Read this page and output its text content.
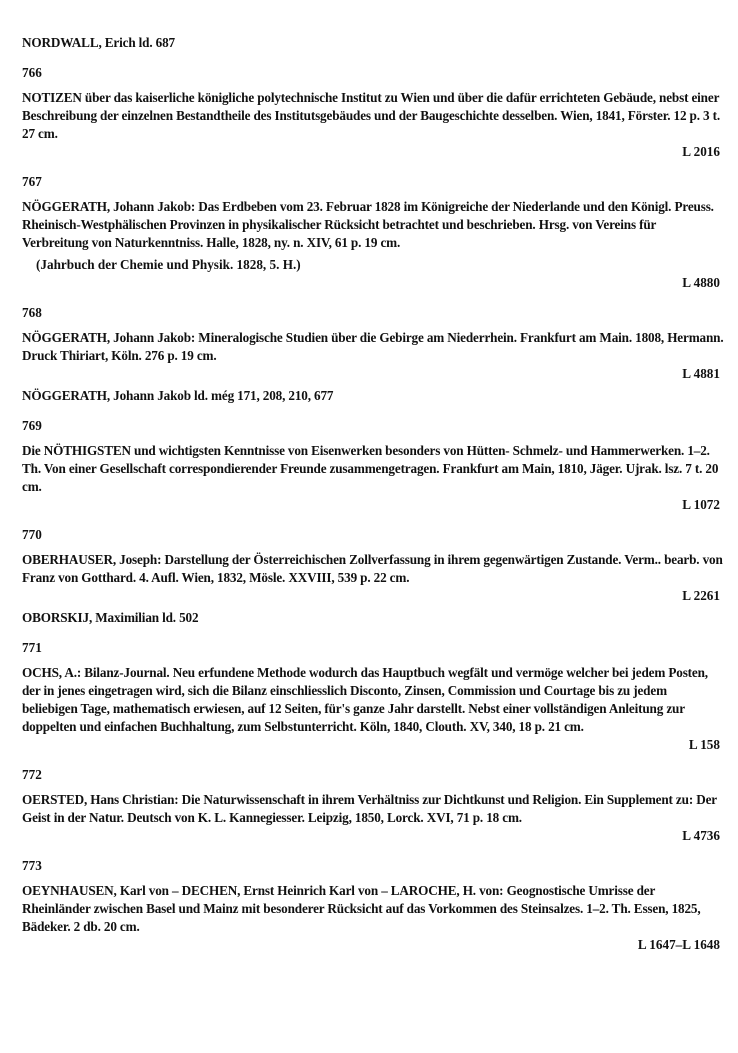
NORDWALL, Erich ld. 687
766
NOTIZEN über das kaiserliche königliche polytechnische Institut zu Wien und über die dafür errichteten Gebäude, nebst einer Beschreibung der einzelnen Bestandtheile des Institutsgebäudes und der Baugeschichte desselben. Wien, 1841, Förster. 12 p. 3 t. 27 cm.
L 2016
767
NÖGGERATH, Johann Jakob: Das Erdbeben vom 23. Februar 1828 im Königreiche der Niederlande und den Königl. Preuss. Rheinisch-Westphälischen Provinzen in physikalischer Rücksicht betrachtet und beschrieben. Hrsg. von Vereins für Verbreitung von Naturkenntniss. Halle, 1828, ny. n. XIV, 61 p. 19 cm.
(Jahrbuch der Chemie und Physik. 1828, 5. H.)
L 4880
768
NÖGGERATH, Johann Jakob: Mineralogische Studien über die Gebirge am Niederrhein. Frankfurt am Main. 1808, Hermann. Druck Thiriart, Köln. 276 p. 19 cm.
L 4881
NÖGGERATH, Johann Jakob ld. még 171, 208, 210, 677
769
Die NÖTHIGSTEN und wichtigsten Kenntnisse von Eisenwerken besonders von Hütten- Schmelz- und Hammerwerken. 1–2. Th. Von einer Gesellschaft correspondierender Freunde zusammengetragen. Frankfurt am Main, 1810, Jäger. Ujrak. lsz. 7 t. 20 cm.
L 1072
770
OBERHAUSER, Joseph: Darstellung der Österreichischen Zollverfassung in ihrem gegenwärtigen Zustande. Verm.. bearb. von Franz von Gotthard. 4. Aufl. Wien, 1832, Mösle. XXVIII, 539 p. 22 cm.
L 2261
OBORSKIJ, Maximilian ld. 502
771
OCHS, A.: Bilanz-Journal. Neu erfundene Methode wodurch das Hauptbuch wegfält und vermöge welcher bei jedem Posten, der in jenes eingetragen wird, sich die Bilanz einschliesslich Disconto, Zinsen, Commission und Courtage bis zu jedem beliebigen Tage, mathematisch erwiesen, auf 12 Seiten, für's ganze Jahr darstellt. Nebst einer vollständigen Anleitung zur doppelten und einfachen Buchhaltung, zum Selbstunterricht. Köln, 1840, Clouth. XV, 340, 18 p. 21 cm.
L 158
772
OERSTED, Hans Christian: Die Naturwissenschaft in ihrem Verhältniss zur Dichtkunst und Religion. Ein Supplement zu: Der Geist in der Natur. Deutsch von K. L. Kannegiesser. Leipzig, 1850, Lorck. XVI, 71 p. 18 cm.
L 4736
773
OEYNHAUSEN, Karl von – DECHEN, Ernst Heinrich Karl von – LAROCHE, H. von: Geognostische Umrisse der Rheinländer zwischen Basel und Mainz mit besonderer Rücksicht auf das Vorkommen des Steinsalzes. 1–2. Th. Essen, 1825, Bädeker. 2 db. 20 cm.
L 1647–L 1648
